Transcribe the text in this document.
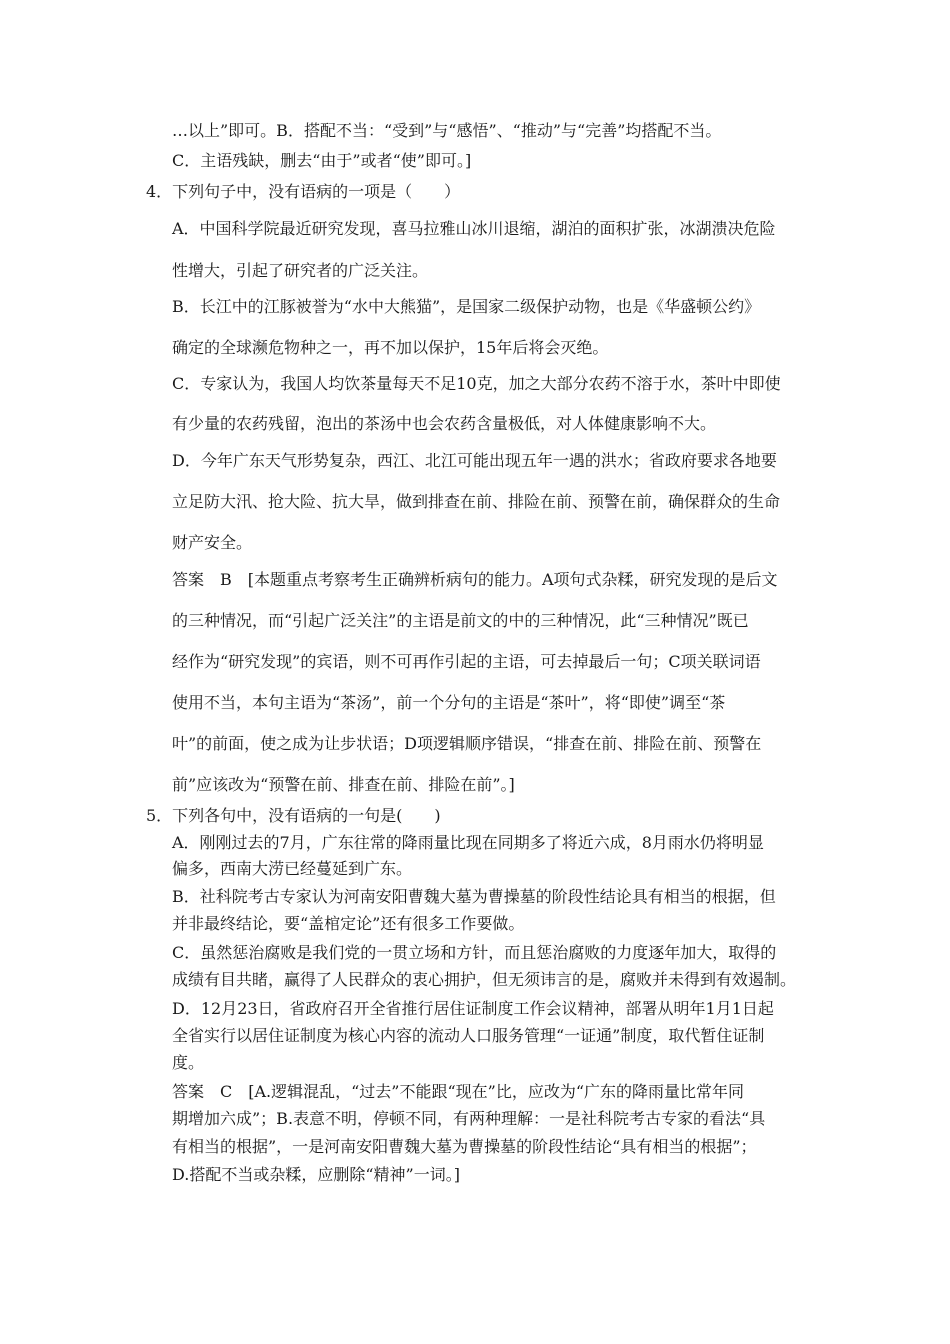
…以上”即可。B．搭配不当：“受到”与“感悟”、“推动”与“完善”均搭配不当。
C．主语残缺，删去“由于”或者“使”即可。]
4．下列句子中，没有语病的一项是（　　）
A．中国科学院最近研究发现，喜马拉雅山冰川退缩，湖泊的面积扩张，冰湖溃决危险
性增大，引起了研究者的广泛关注。
B．长江中的江豚被誉为“水中大熊猫”，是国家二级保护动物，也是《华盛顿公约》
确定的全球濒危物种之一，再不加以保护，15年后将会灭绝。
C．专家认为，我国人均饮茶量每天不足10克，加之大部分农药不溶于水，茶叶中即使
有少量的农药残留，泡出的茶汤中也会农药含量极低，对人体健康影响不大。
D．今年广东天气形势复杂，西江、北江可能出现五年一遇的洪水；省政府要求各地要
立足防大汛、抢大险、抗大旱，做到排查在前、排险在前、预警在前，确保群众的生命
财产安全。
答案　B　[本题重点考察考生正确辨析病句的能力。A项句式杂糅，研究发现的是后文
的三种情况，而“引起广泛关注”的主语是前文的中的三种情况，此“三种情况”既已
经作为“研究发现”的宾语，则不可再作引起的主语，可去掉最后一句；C项关联词语
使用不当，本句主语为“茶汤”，前一个分句的主语是“茶叶”，将“即使”调至“茶
叶”的前面，使之成为让步状语；D项逻辑顺序错误，“排查在前、排险在前、预警在
前”应该改为“预警在前、排查在前、排险在前”。]
5．下列各句中，没有语病的一句是(　　)
A．刚刚过去的7月，广东往常的降雨量比现在同期多了将近六成，8月雨水仍将明显
偏多，西南大涝已经蔓延到广东。
B．社科院考古专家认为河南安阳曹魏大墓为曹操墓的阶段性结论具有相当的根据，但
并非最终结论，要“盖棺定论”还有很多工作要做。
C．虽然惩治腐败是我们党的一贯立场和方针，而且惩治腐败的力度逐年加大，取得的
成绩有目共睹，赢得了人民群众的衷心拥护，但无须讳言的是，腐败并未得到有效遏制。
D．12月23日，省政府召开全省推行居住证制度工作会议精神，部署从明年1月1日起
全省实行以居住证制度为核心内容的流动人口服务管理“一证通”制度，取代暂住证制
度。
答案　C　[A.逻辑混乱，“过去”不能跟“现在”比，应改为“广东的降雨量比常年同
期增加六成”；B.表意不明，停顿不同，有两种理解：一是社科院考古专家的看法“具
有相当的根据”，一是河南安阳曹魏大墓为曹操墓的阶段性结论“具有相当的根据”；
D.搭配不当或杂糅，应删除“精神”一词。]
